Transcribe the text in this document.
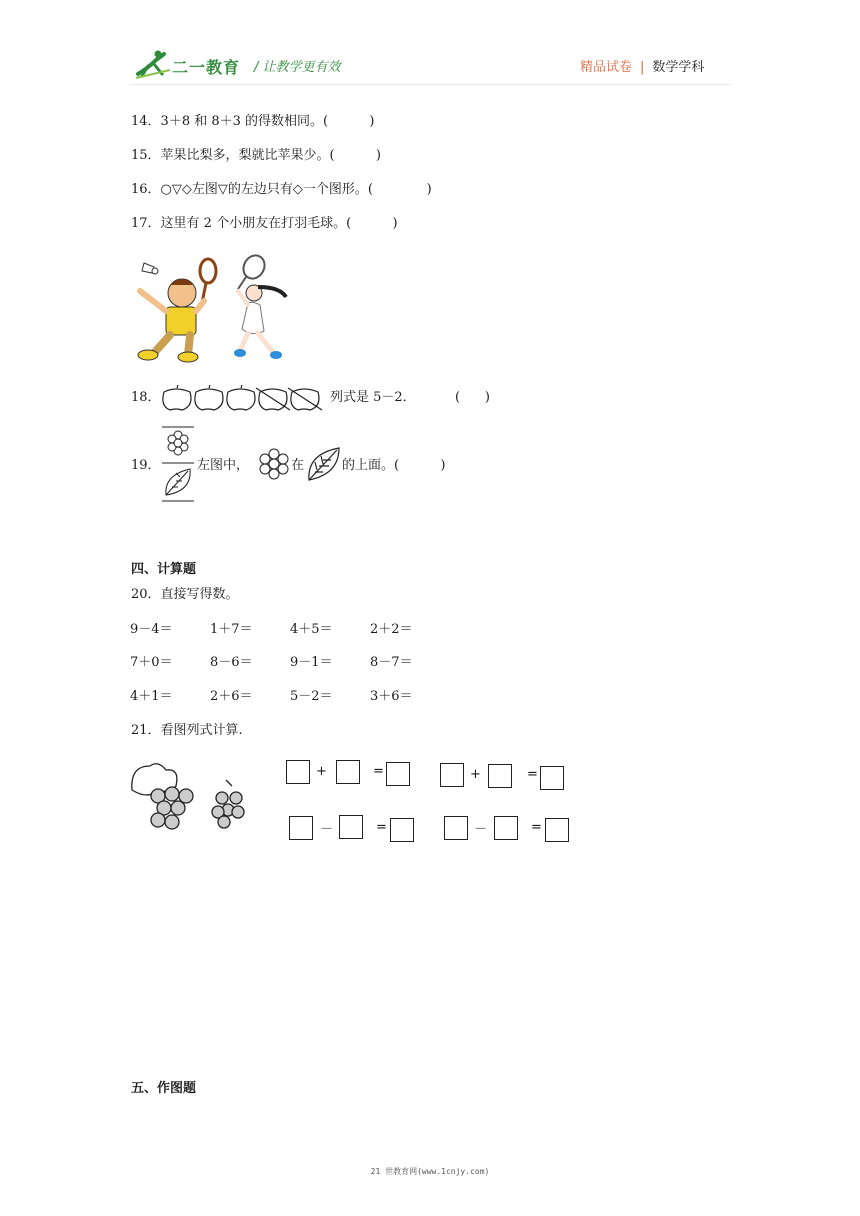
二一教育 / 让教学更有效	精品试卷 | 数学学科
14．3＋8 和 8＋3 的得数相同。(          )
15．苹果比梨多，梨就比苹果少。(          )
16．○▽◇左图▽的左边只有◇一个图形。(             )
17．这里有 2 个小朋友在打羽毛球。(          )
18．	列式是 5－2．	(      )
19．	左图中，	在	的上面。(          )
四、计算题
20．直接写得数。
9－4＝	1＋7＝	4＋5＝	2＋2＝
7＋0＝	8－6＝	9－1＝	8－7＝
4＋1＝	2＋6＝	5－2＝	3＋6＝
21．看图列式计算.
+	=	+	=
－	=	－	=
五、作图题
21 世教育网(www.1cnjy.com)
